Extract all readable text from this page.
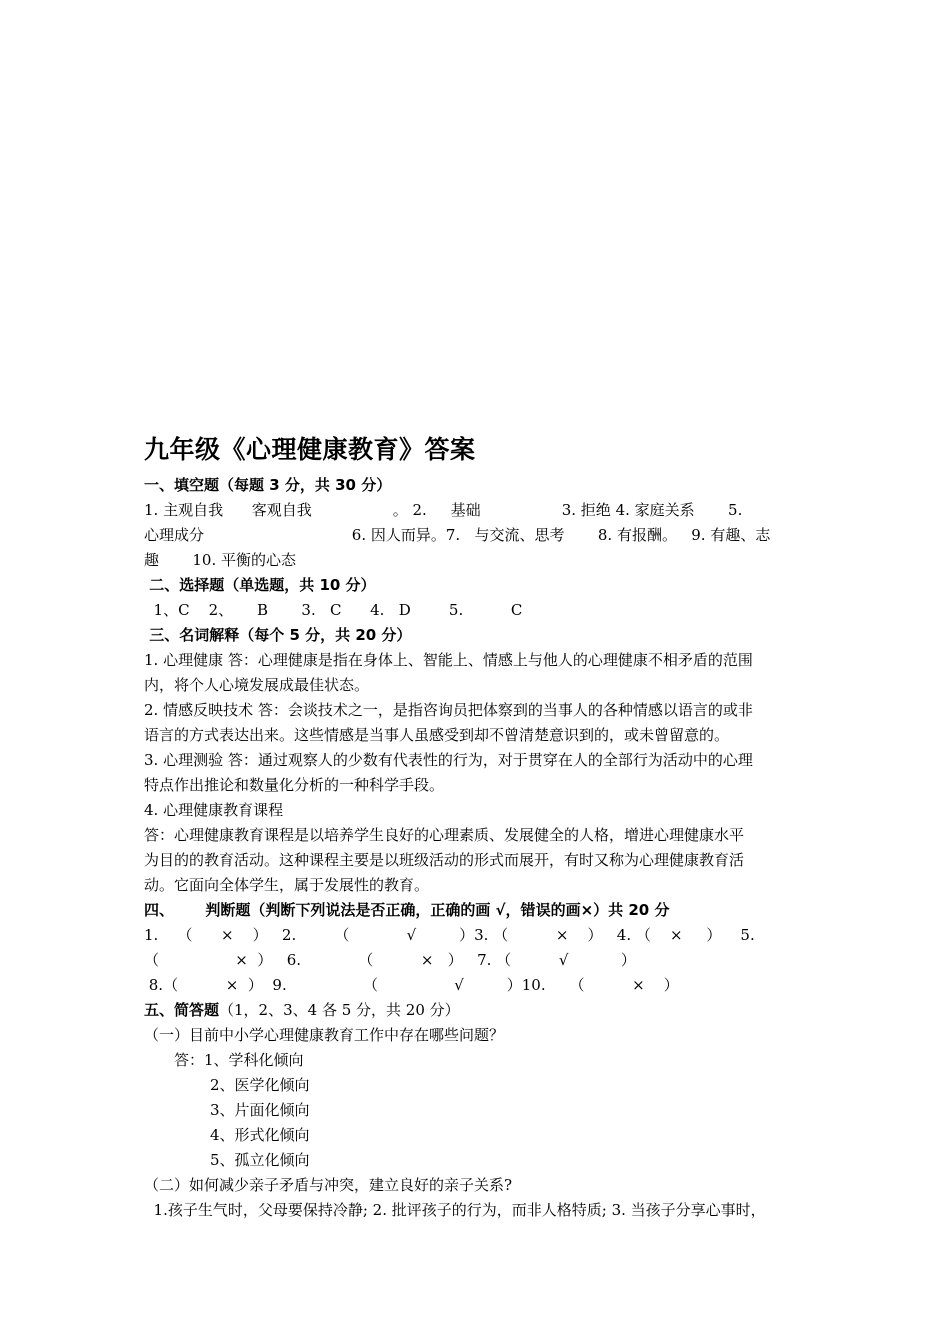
九年级《心理健康教育》答案
一、填空题（每题 3 分，共 30 分）
1. 主观自我      客观自我                 。 2.     基础                 3. 拒绝 4. 家庭关系       5.
心理成分                               6. 因人而异。7.   与交流、思考       8. 有报酬。   9. 有趣、志
趣       10. 平衡的心态
二、选择题（单选题，共 10 分）
1、C    2、     B       3.   C      4.   D        5.          C
三、名词解释（每个 5 分，共 20 分）
1. 心理健康 答：心理健康是指在身体上、智能上、情感上与他人的心理健康不相矛盾的范围
内，将个人心境发展成最佳状态。
2. 情感反映技术 答：会谈技术之一，是指咨询员把体察到的当事人的各种情感以语言的或非
语言的方式表达出来。这些情感是当事人虽感受到却不曾清楚意识到的，或未曾留意的。
3. 心理测验 答：通过观察人的少数有代表性的行为，对于贯穿在人的全部行为活动中的心理
特点作出推论和数量化分析的一种科学手段。
4. 心理健康教育课程
答：心理健康教育课程是以培养学生良好的心理素质、发展健全的人格，增进心理健康水平
为目的的教育活动。这种课程主要是以班级活动的形式而展开，有时又称为心理健康教育活
动。它面向全体学生，属于发展性的教育。
四、      判断题（判断下列说法是否正确，正确的画 √，错误的画×）共 20 分
1.    （      ×    ）   2.        （            √         ）3. （          ×    ）   4. （    ×     ）    5.
（                ×  ）   6.            （          ×   ）   7. （          √           ）
8.（          ×  ）  9.                （                √         ）10.     （          ×    ）
五、简答题（1，2、3、4 各 5 分，共 20 分）
（一）目前中小学心理健康教育工作中存在哪些问题？
答：1、学科化倾向
2、医学化倾向
3、片面化倾向
4、形式化倾向
5、孤立化倾向
（二）如何减少亲子矛盾与冲突，建立良好的亲子关系?
1.孩子生气时，父母要保持冷静; 2. 批评孩子的行为，而非人格特质; 3. 当孩子分享心事时，
